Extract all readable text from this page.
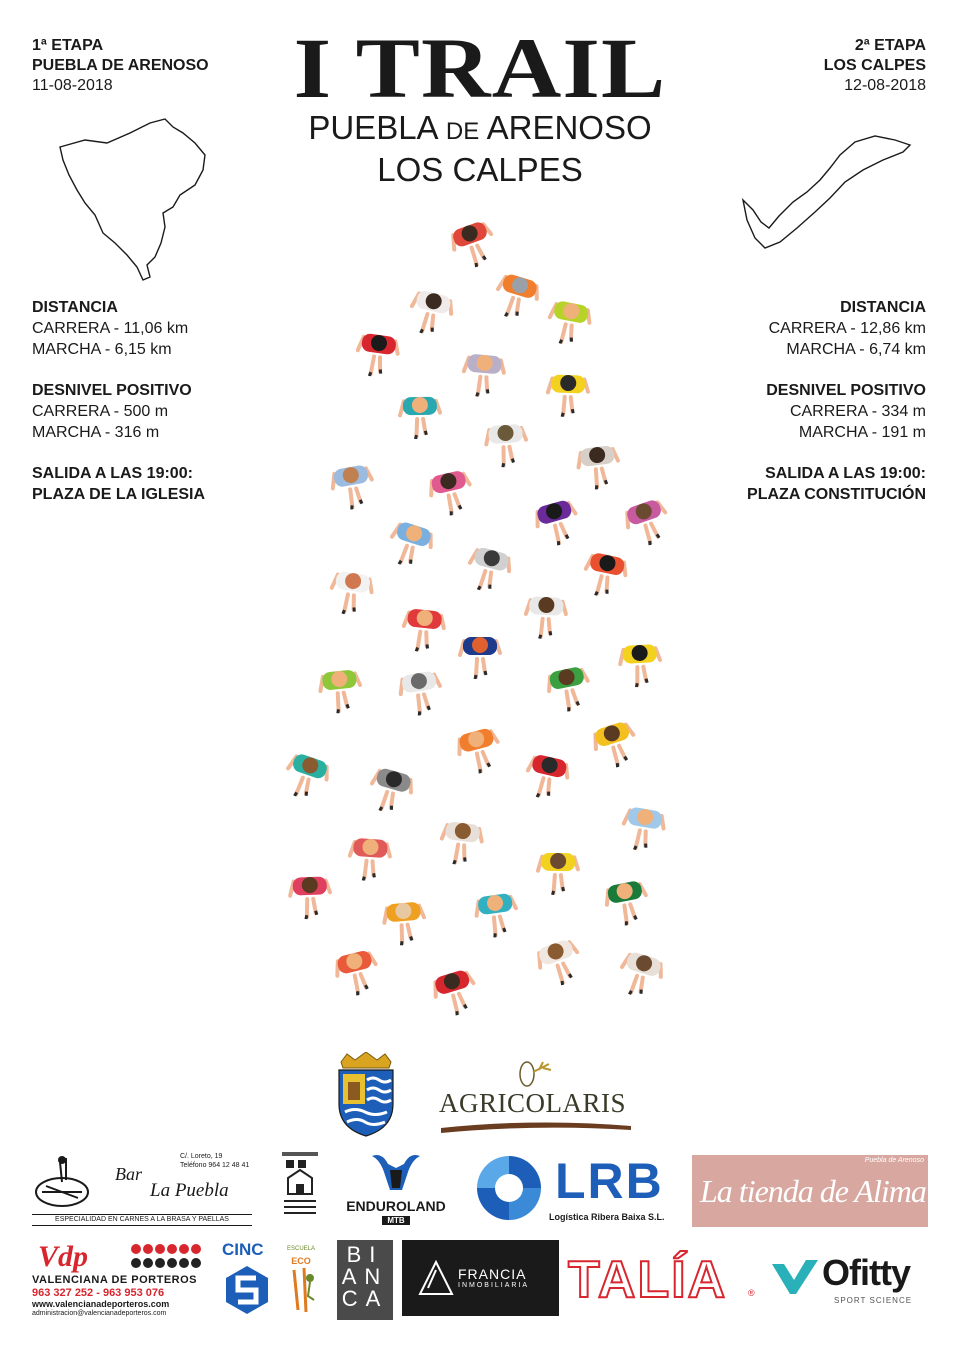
1ª ETAPA
PUEBLA DE ARENOSO
11-08-2018
DISTANCIA
CARRERA - 11,06 km
MARCHA - 6,15 km
DESNIVEL POSITIVO
CARRERA - 500 m
MARCHA - 316 m
SALIDA A LAS 19:00:
PLAZA DE LA IGLESIA
2ª ETAPA
LOS CALPES
12-08-2018
DISTANCIA
CARRERA - 12,86 km
MARCHA - 6,74 km
DESNIVEL POSITIVO
CARRERA - 334 m
MARCHA - 191 m
SALIDA A LAS 19:00:
PLAZA CONSTITUCIÓN
I TRAIL
PUEBLA DE ARENOSO
LOS CALPES
AGRICOLARIS
C/. Loreto, 19
Teléfono 964 12 48 41
Bar
La Puebla
ESPECIALIDAD EN CARNES A LA BRASA Y PAELLAS
ENDUROLAND
MTB
LRB
Logística Ribera Baixa S.L.
Puebla de Arenoso
La tienda de Alima
Vdp
VALENCIANA DE PORTEROS
963 327 252 - 963 953 076
www.valencianadeporteros.com
administracion@valencianadeporteros.com
CINC	ESCUELA
ECO	BI
AN
CA
FRANCIA
INMOBILIARIA TALÍA ® Ofitty
SPORT SCIENCE
